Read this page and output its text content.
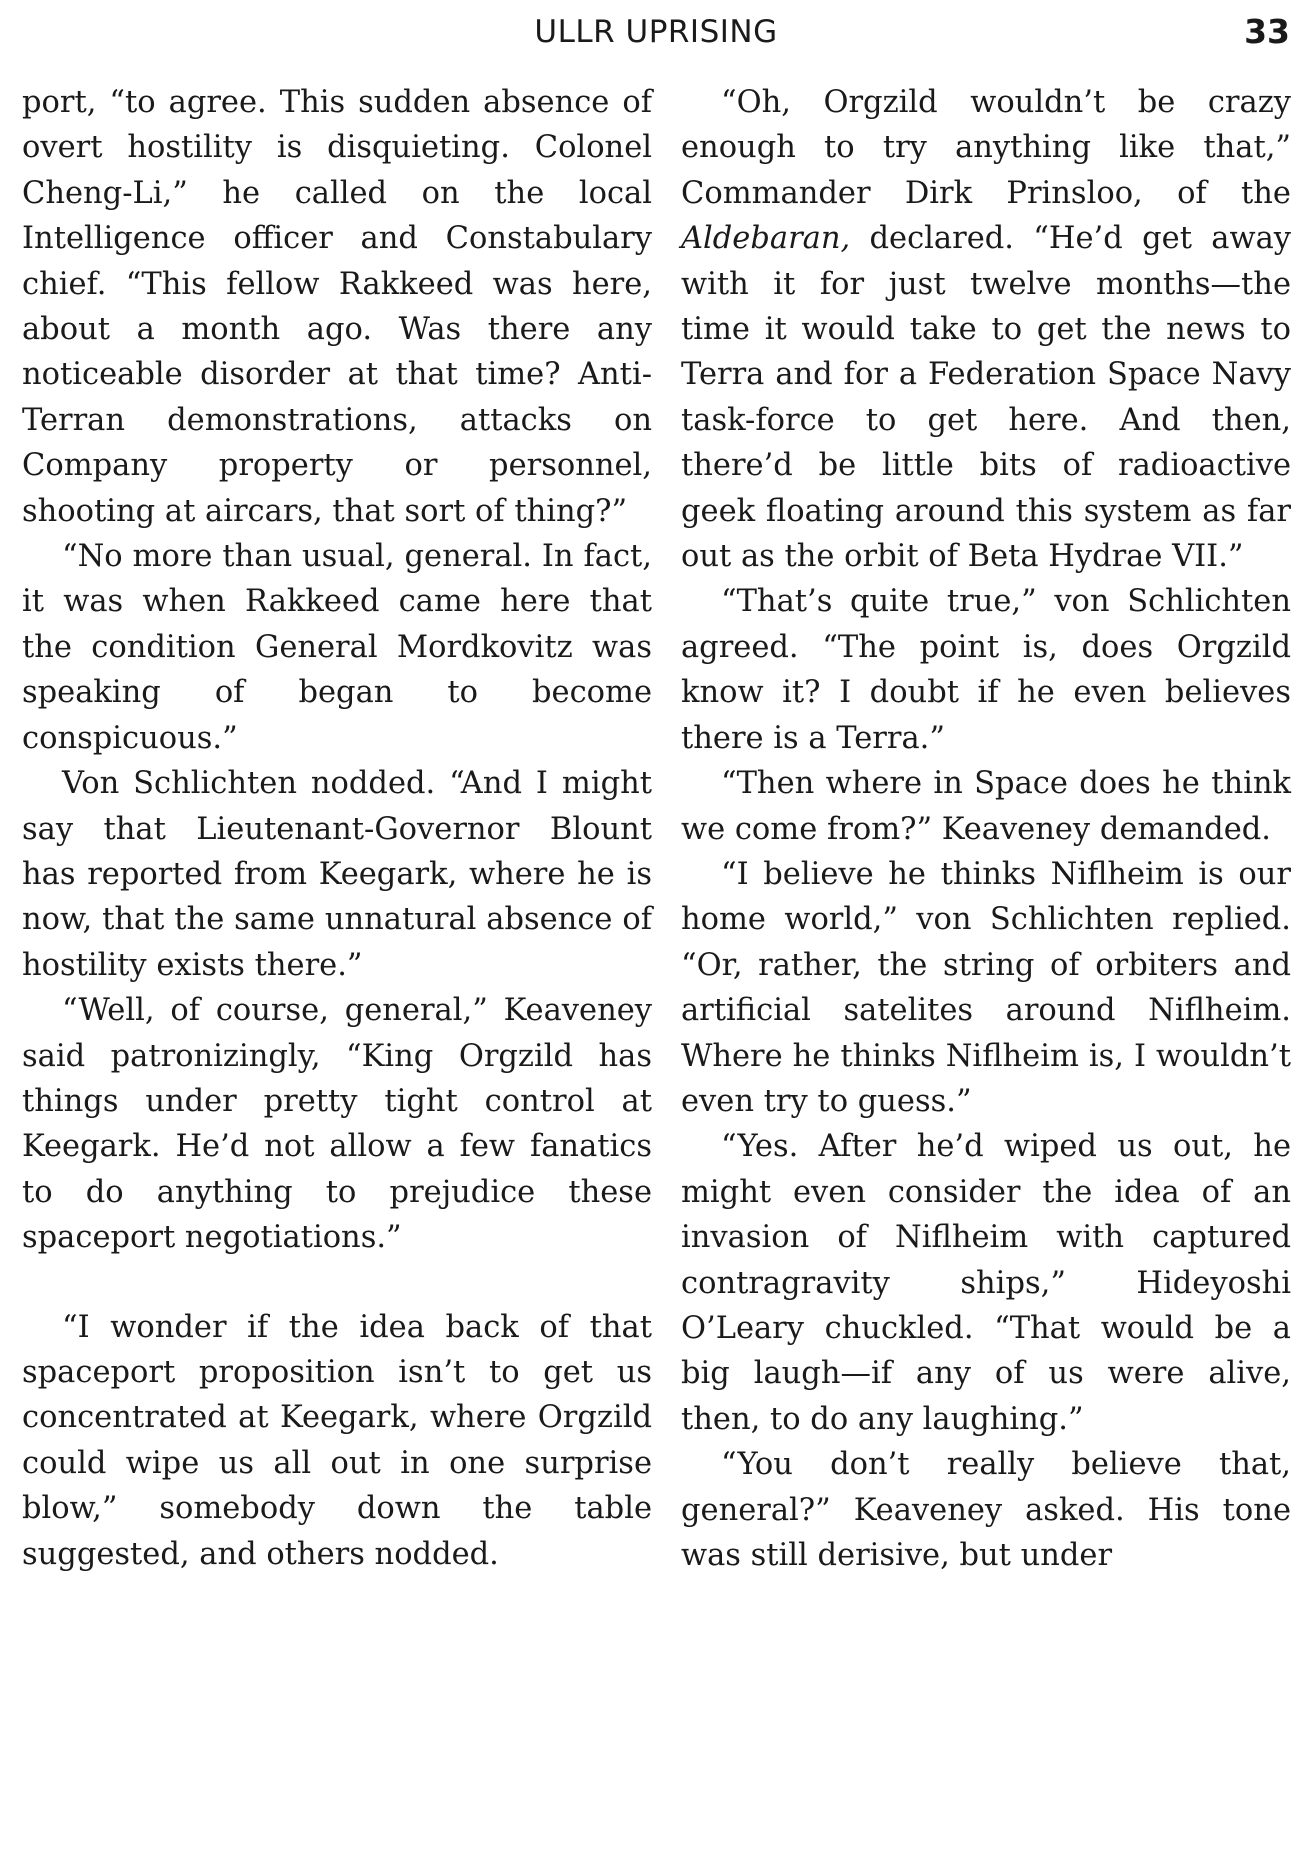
ULLR UPRISING	33

port, “to agree. This sudden absence of overt hostility is disquieting. Colonel Cheng-Li,” he called on the local Intelligence officer and Constabulary chief. “This fellow Rakkeed was here, about a month ago. Was there any noticeable disorder at that time? Anti-Terran demonstrations, attacks on Company property or personnel, shooting at aircars, that sort of thing?”

“No more than usual, general. In fact, it was when Rakkeed came here that the condition General Mordkovitz was speaking of began to become conspicuous.”

Von Schlichten nodded. “And I might say that Lieutenant-Governor Blount has reported from Keegark, where he is now, that the same unnatural absence of hostility exists there.”

“Well, of course, general,” Keaveney said patronizingly, “King Orgzild has things under pretty tight control at Keegark. He’d not allow a few fanatics to do anything to prejudice these spaceport negotiations.”

“I wonder if the idea back of that spaceport proposition isn’t to get us concentrated at Keegark, where Orgzild could wipe us all out in one surprise blow,” somebody down the table suggested, and others nodded.

“Oh, Orgzild wouldn’t be crazy enough to try anything like that,” Commander Dirk Prinsloo, of the Aldebaran, declared. “He’d get away with it for just twelve months—the time it would take to get the news to Terra and for a Federation Space Navy task-force to get here. And then, there’d be little bits of radioactive geek floating around this system as far out as the orbit of Beta Hydrae VII.”

“That’s quite true,” von Schlichten agreed. “The point is, does Orgzild know it? I doubt if he even believes there is a Terra.”

“Then where in Space does he think we come from?” Keaveney demanded.

“I believe he thinks Niflheim is our home world,” von Schlichten replied. “Or, rather, the string of orbiters and artificial satelites around Niflheim. Where he thinks Niflheim is, I wouldn’t even try to guess.”

“Yes. After he’d wiped us out, he might even consider the idea of an invasion of Niflheim with captured contragravity ships,” Hideyoshi O’Leary chuckled. “That would be a big laugh—if any of us were alive, then, to do any laughing.”

“You don’t really believe that, general?” Keaveney asked. His tone was still derisive, but under
